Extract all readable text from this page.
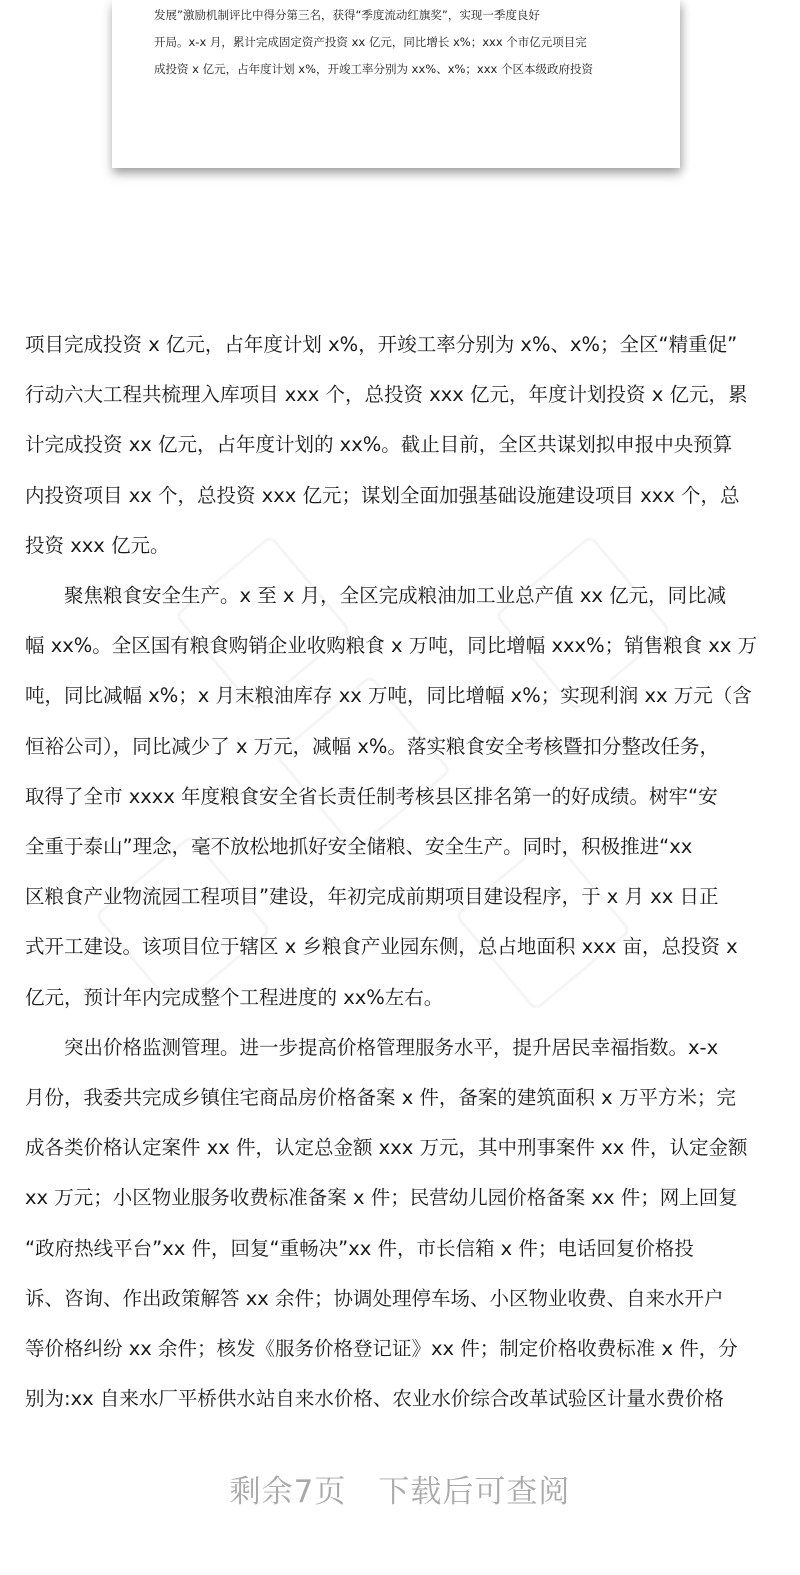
发展”激励机制评比中得分第三名，获得“季度流动红旗奖”，实现一季度良好

开局。x-x 月，累计完成固定资产投资 xx 亿元，同比增长 x%；xxx 个市亿元项目完

成投资 x 亿元，占年度计划 x%，开竣工率分别为 xx%、x%；xxx 个区本级政府投资

项目完成投资 x 亿元，占年度计划 x%，开竣工率分别为 x%、x%；全区“精重促”

行动六大工程共梳理入库项目 xxx 个，总投资 xxx 亿元，年度计划投资 x 亿元，累

计完成投资 xx 亿元，占年度计划的 xx%。截止目前，全区共谋划拟申报中央预算

内投资项目 xx 个，总投资 xxx 亿元；谋划全面加强基础设施建设项目 xxx 个，总

投资 xxx 亿元。

聚焦粮食安全生产。x 至 x 月，全区完成粮油加工业总产值 xx 亿元，同比减

幅 xx%。全区国有粮食购销企业收购粮食 x 万吨，同比增幅 xxx%；销售粮食 xx 万

吨，同比减幅 x%；x 月末粮油库存 xx 万吨，同比增幅 x%；实现利润 xx 万元（含

恒裕公司），同比减少了 x 万元，减幅 x%。落实粮食安全考核暨扣分整改任务，

取得了全市 xxxx 年度粮食安全省长责任制考核县区排名第一的好成绩。树牢“安

全重于泰山”理念，毫不放松地抓好安全储粮、安全生产。同时，积极推进“xx

区粮食产业物流园工程项目”建设，年初完成前期项目建设程序，于 x 月 xx 日正

式开工建设。该项目位于辖区 x 乡粮食产业园东侧，总占地面积 xxx 亩，总投资 x

亿元，预计年内完成整个工程进度的 xx%左右。

突出价格监测管理。进一步提高价格管理服务水平，提升居民幸福指数。x-x

月份，我委共完成乡镇住宅商品房价格备案 x 件，备案的建筑面积 x 万平方米；完

成各类价格认定案件 xx 件，认定总金额 xxx 万元，其中刑事案件 xx 件，认定金额

xx 万元；小区物业服务收费标准备案 x 件；民营幼儿园价格备案 xx 件；网上回复

“政府热线平台”xx 件，回复“重畅决”xx 件，市长信箱 x 件；电话回复价格投

诉、咨询、作出政策解答 xx 余件；协调处理停车场、小区物业收费、自来水开户

等价格纠纷 xx 余件；核发《服务价格登记证》xx 件；制定价格收费标准 x 件，分

别为:xx 自来水厂平桥供水站自来水价格、农业水价综合改革试验区计量水费价格

剩余7页　下载后可查阅
